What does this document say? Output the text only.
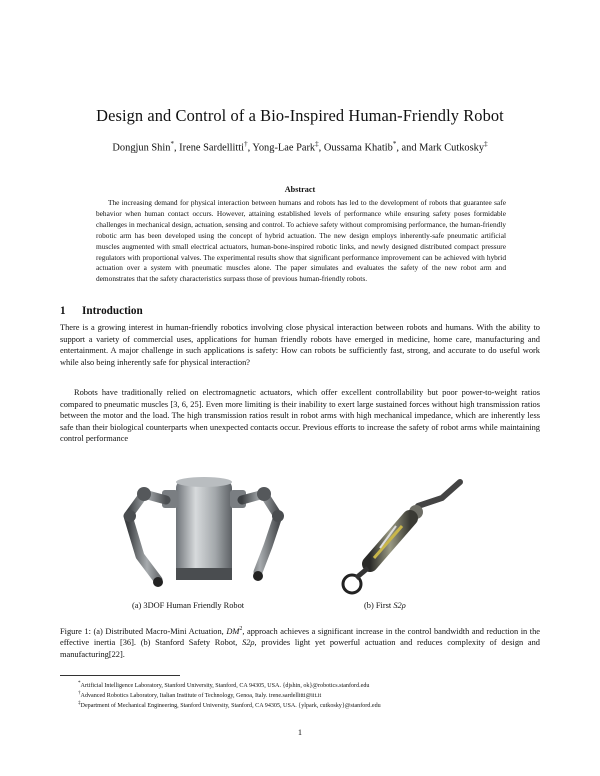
Design and Control of a Bio-Inspired Human-Friendly Robot
Dongjun Shin*, Irene Sardellitti†, Yong-Lae Park‡, Oussama Khatib*, and Mark Cutkosky‡
Abstract

The increasing demand for physical interaction between humans and robots has led to the development of robots that guarantee safe behavior when human contact occurs. However, attaining established levels of performance while ensuring safety poses formidable challenges in mechanical design, actuation, sensing and control. To achieve safety without compromising performance, the human-friendly robotic arm has been developed using the concept of hybrid actuation. The new design employs inherently-safe pneumatic artificial muscles augmented with small electrical actuators, human-bone-inspired robotic links, and newly designed distributed compact pressure regulators with proportional valves. The experimental results show that significant performance improvement can be achieved with hybrid actuation over a system with pneumatic muscles alone. The paper simulates and evaluates the safety of the new robot arm and demonstrates that the safety characteristics surpass those of previous human-friendly robots.

1 Introduction

There is a growing interest in human-friendly robotics involving close physical interaction between robots and humans. With the ability to support a variety of commercial uses, applications for human friendly robots have emerged in medicine, home care, manufacturing and entertainment. A major challenge in such applications is safety: How can robots be sufficiently fast, strong, and accurate to do useful work while also being inherently safe for physical interaction?

Robots have traditionally relied on electromagnetic actuators, which offer excellent controllability but poor power-to-weight ratios compared to pneumatic muscles [3, 6, 25]. Even more limiting is their inability to exert large sustained forces without high transmission ratios between the motor and the load. The high transmission ratios result in robot arms with high mechanical impedance, which are inherently less safe than their biological counterparts when unexpected contacts occur. Previous efforts to increase the safety of robot arms while maintaining control performance

(a) 3DOF Human Friendly Robot	(b) First S2ρ

Figure 1: (a) Distributed Macro-Mini Actuation, $DM^2$, approach achieves a significant increase in the control bandwidth and reduction in the effective inertia [36]. (b) Stanford Safety Robot, S2ρ, provides light yet powerful actuation and reduces complexity of design and manufacturing[22].

*Artificial Intelligence Laboratory, Stanford University, Stanford, CA 94305, USA. {djshin, ok}@robotics.stanford.edu
†Advanced Robotics Laboratory, Italian Institute of Technology, Genoa, Italy. irene.sardellitti@iit.it
‡Department of Mechanical Engineering, Stanford University, Stanford, CA 94305, USA. {ylpark, cutkosky}@stanford.edu
1
